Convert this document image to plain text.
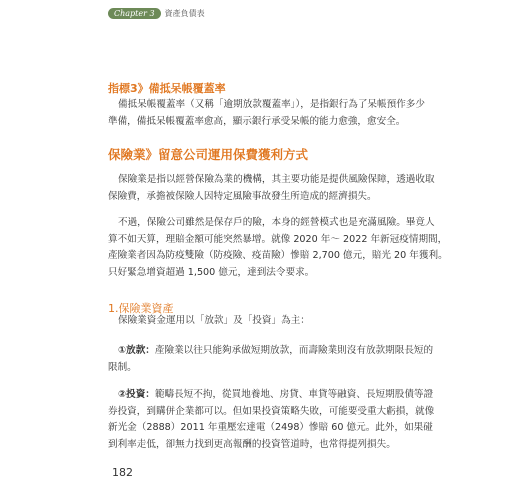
Chapter 3	資產負債表
指標3》備抵呆帳覆蓋率
備抵呆帳覆蓋率（又稱「逾期放款覆蓋率」），是指銀行為了呆帳預作多少
準備，備抵呆帳覆蓋率愈高，顯示銀行承受呆帳的能力愈強，愈安全。
保險業》留意公司運用保費獲利方式
保險業是指以經營保險為業的機構，其主要功能是提供風險保障，透過收取
保險費，承擔被保險人因特定風險事故發生所造成的經濟損失。
不過，保險公司雖然是保存戶的險，本身的經營模式也是充滿風險。畢竟人
算不如天算，理賠金額可能突然暴增。就像 2020 年～ 2022 年新冠疫情期間，
產險業者因為防疫雙險（防疫險、疫苗險）慘賠 2,700 億元，賠光 20 年獲利。
只好緊急增資超過 1,500 億元，達到法令要求。
1.保險業資產
保險業資金運用以「放款」及「投資」為主：
①放款：產險業以往只能夠承做短期放款，而壽險業則沒有放款期限長短的
限制。
②投資：範疇長短不拘，從買地養地、房貸、車貸等融資、長短期股債等證
券投資，到購併企業都可以。但如果投資策略失敗，可能要受重大虧損，就像
新光金（2888）2011 年重壓宏達電（2498）慘賠 60 億元。此外，如果碰
到利率走低，卻無力找到更高報酬的投資管道時，也常得提列損失。
182
